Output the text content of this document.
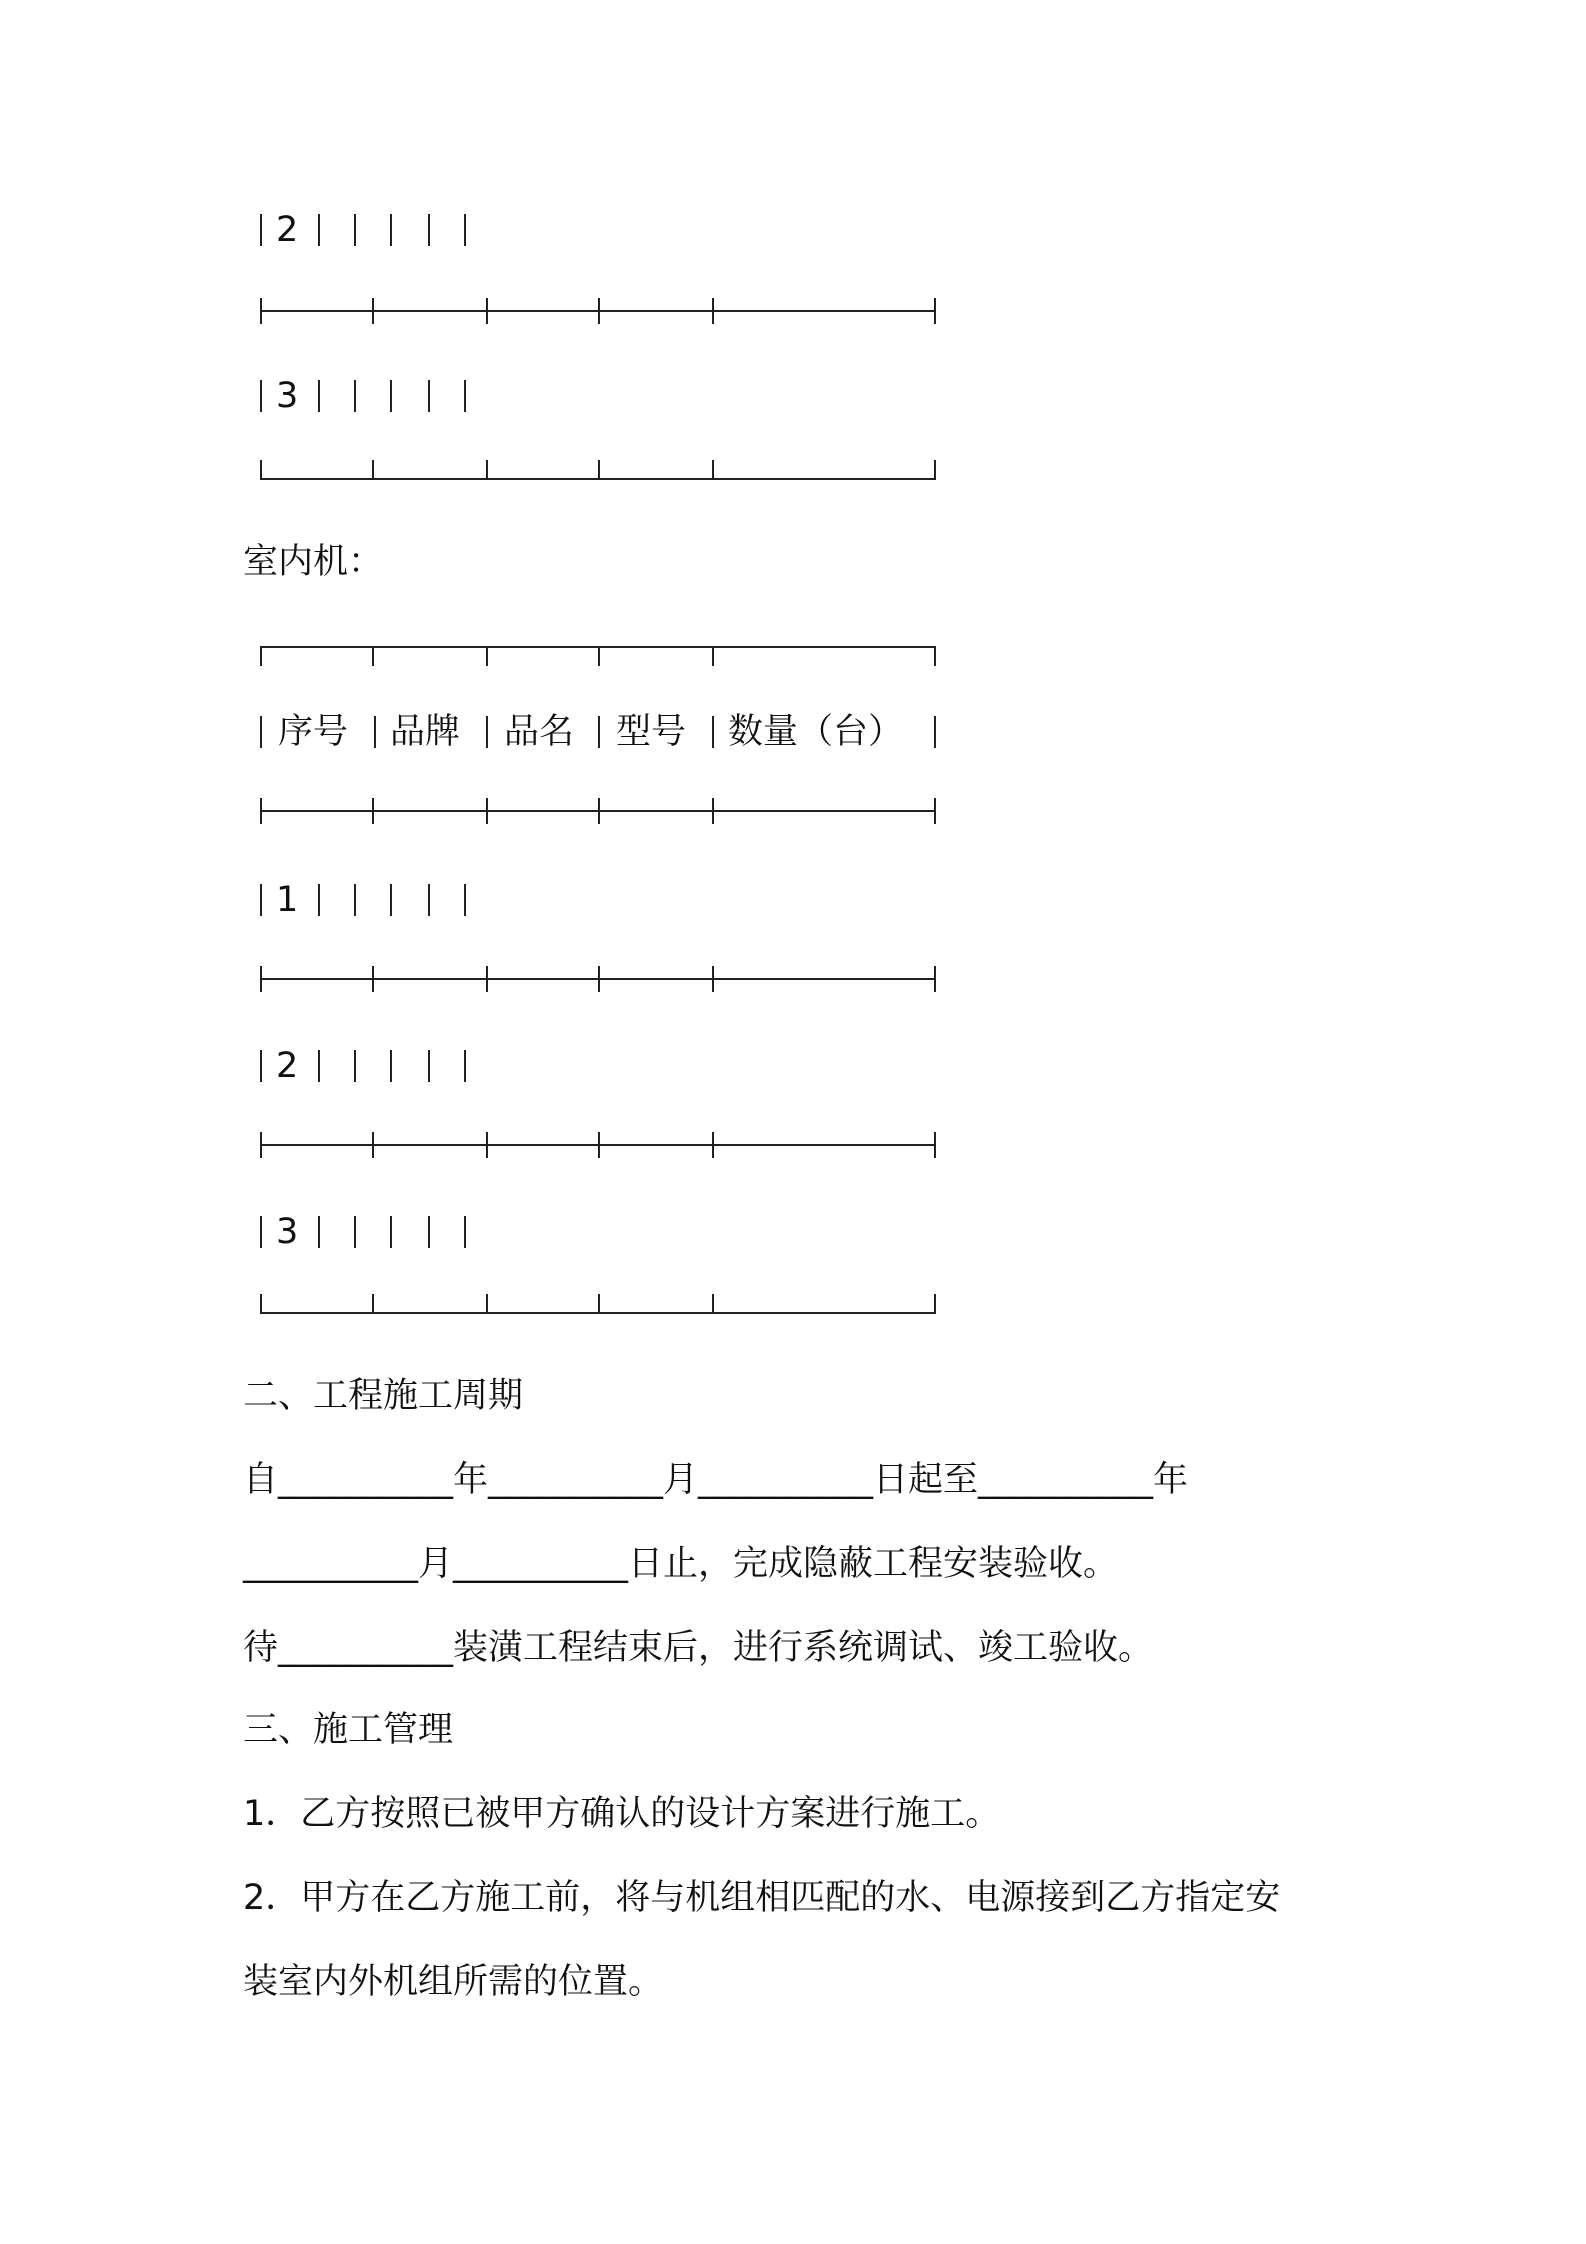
2
3
室内机：
序号 品牌 品名 型号 数量（台）
1
2
3
二、工程施工周期
自__________年__________月__________日起至__________年
__________月__________日止，完成隐蔽工程安装验收。
待__________装潢工程结束后，进行系统调试、竣工验收。
三、施工管理
1．乙方按照已被甲方确认的设计方案进行施工。
2．甲方在乙方施工前，将与机组相匹配的水、电源接到乙方指定安
装室内外机组所需的位置。
